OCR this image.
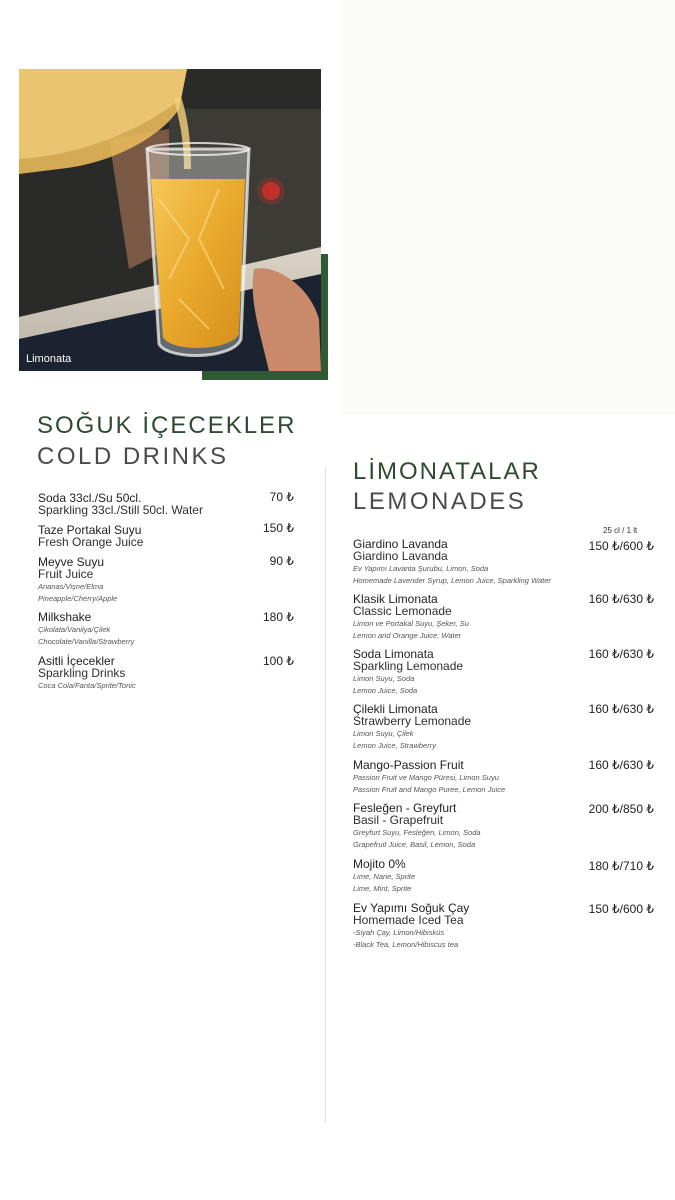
Limonata
SOĞUK İÇECEKLER
COLD DRINKS
Soda 33cl./Su 50cl.
Sparkling 33cl./Still 50cl. Water
70 ₺
Taze Portakal Suyu
Fresh Orange Juice
150 ₺
Meyve Suyu
Fruit Juice
Ananas/Vişne/Elma
Pineapple/Cherry/Apple
90 ₺
Milkshake
Çikolata/Vanilya/Çilek
Chocolate/Vanilla/Strawberry
180 ₺
Asitli İçecekler
Sparkling Drinks
Coca Cola/Fanta/Sprite/Tonic
100 ₺
LİMONATALAR
LEMONADES
25 cl / 1 lt
Giardino Lavanda
Giardino Lavanda
Ev Yapımı Lavanta Şurubu, Limon, Soda
Homemade Lavender Syrup, Lemon Juice, Sparkling Water
150 ₺/600 ₺
Klasik Limonata
Classic Lemonade
Limon ve Portakal Suyu, Şeker, Su
Lemon and Orange Juice, Water
160 ₺/630 ₺
Soda Limonata
Sparkling Lemonade
Limon Suyu, Soda
Lemon Juice, Soda
160 ₺/630 ₺
Çilekli Limonata
Strawberry Lemonade
Limon Suyu, Çilek
Lemon Juice, Strawberry
160 ₺/630 ₺
Mango-Passion Fruit
Passion Fruit ve Mango Püresi, Limon Suyu
Passion Fruit and Mango Puree, Lemon Juice
160 ₺/630 ₺
Fesleğen - Greyfurt
Basil - Grapefruit
Greyfurt Suyu, Fesleğen, Limon, Soda
Grapefruit Juice, Basil, Lemon, Soda
200 ₺/850 ₺
Mojito 0%
Lime, Nane, Sprite
Lime, Mint, Sprite
180 ₺/710 ₺
Ev Yapımı Soğuk Çay
Homemade Iced Tea
-Siyah Çay, Limon/Hibisküs
-Black Tea, Lemon/Hibiscus tea
150 ₺/600 ₺
